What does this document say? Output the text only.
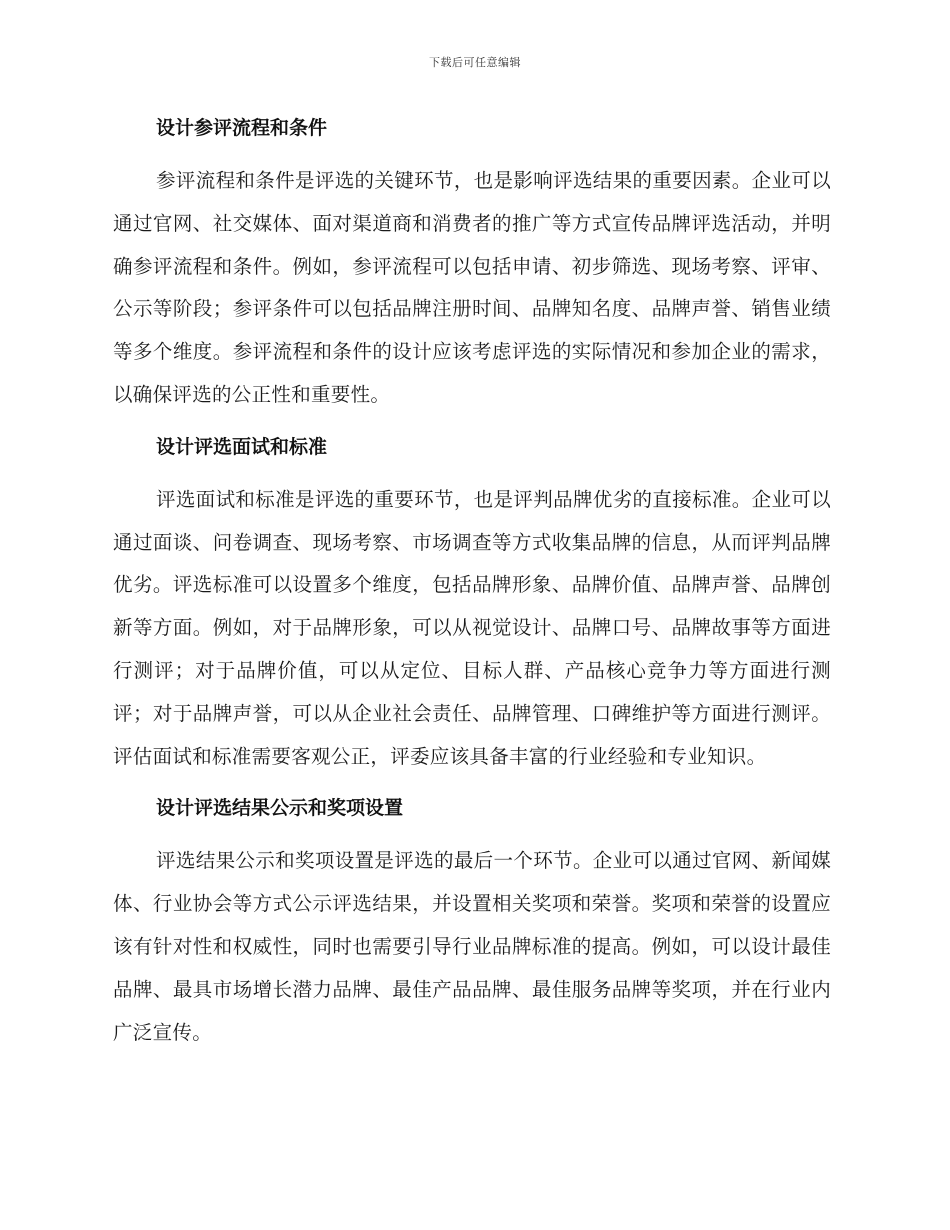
下载后可任意编辑
设计参评流程和条件

参评流程和条件是评选的关键环节，也是影响评选结果的重要因素。企业可以通过官网、社交媒体、面对渠道商和消费者的推广等方式宣传品牌评选活动，并明确参评流程和条件。例如，参评流程可以包括申请、初步筛选、现场考察、评审、公示等阶段；参评条件可以包括品牌注册时间、品牌知名度、品牌声誉、销售业绩等多个维度。参评流程和条件的设计应该考虑评选的实际情况和参加企业的需求，以确保评选的公正性和重要性。

设计评选面试和标准

评选面试和标准是评选的重要环节，也是评判品牌优劣的直接标准。企业可以通过面谈、问卷调查、现场考察、市场调查等方式收集品牌的信息，从而评判品牌优劣。评选标准可以设置多个维度，包括品牌形象、品牌价值、品牌声誉、品牌创新等方面。例如，对于品牌形象，可以从视觉设计、品牌口号、品牌故事等方面进行测评；对于品牌价值，可以从定位、目标人群、产品核心竞争力等方面进行测评；对于品牌声誉，可以从企业社会责任、品牌管理、口碑维护等方面进行测评。评估面试和标准需要客观公正，评委应该具备丰富的行业经验和专业知识。

设计评选结果公示和奖项设置

评选结果公示和奖项设置是评选的最后一个环节。企业可以通过官网、新闻媒体、行业协会等方式公示评选结果，并设置相关奖项和荣誉。奖项和荣誉的设置应该有针对性和权威性，同时也需要引导行业品牌标准的提高。例如，可以设计最佳品牌、最具市场增长潜力品牌、最佳产品品牌、最佳服务品牌等奖项，并在行业内广泛宣传。
